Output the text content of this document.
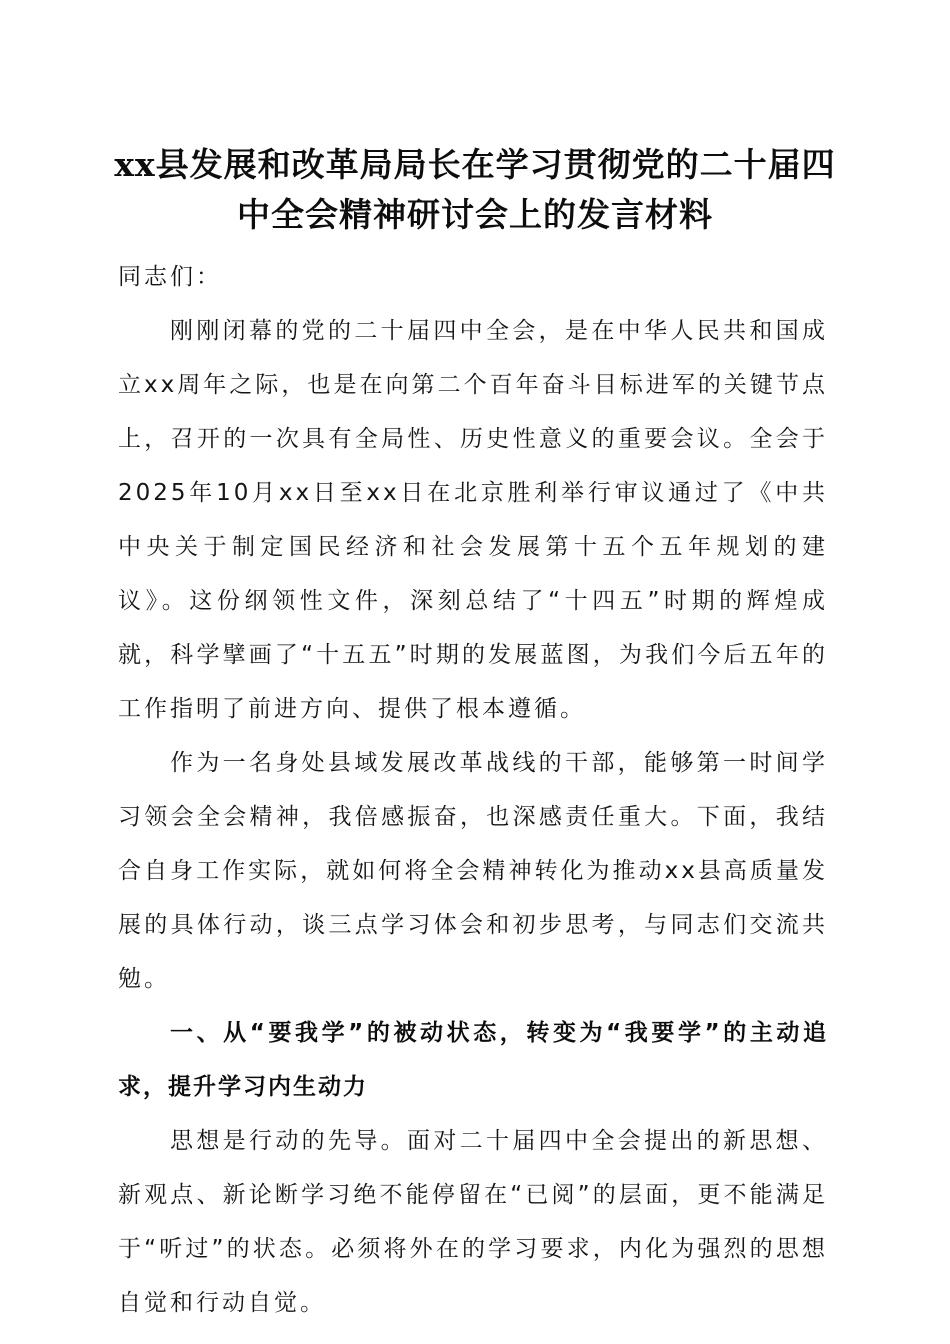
xx县发展和改革局局长在学习贯彻党的二十届四中全会精神研讨会上的发言材料

同志们：

刚刚闭幕的党的二十届四中全会，是在中华人民共和国成立xx周年之际，也是在向第二个百年奋斗目标进军的关键节点上，召开的一次具有全局性、历史性意义的重要会议。全会于2025年10月xx日至xx日在北京胜利举行审议通过了《中共中央关于制定国民经济和社会发展第十五个五年规划的建议》。这份纲领性文件，深刻总结了“十四五”时期的辉煌成就，科学擘画了“十五五”时期的发展蓝图，为我们今后五年的工作指明了前进方向、提供了根本遵循。

作为一名身处县域发展改革战线的干部，能够第一时间学习领会全会精神，我倍感振奋，也深感责任重大。下面，我结合自身工作实际，就如何将全会精神转化为推动xx县高质量发展的具体行动，谈三点学习体会和初步思考，与同志们交流共勉。

一、从“要我学”的被动状态，转变为“我要学”的主动追求，提升学习内生动力

思想是行动的先导。面对二十届四中全会提出的新思想、新观点、新论断学习绝不能停留在“已阅”的层面，更不能满足于“听过”的状态。必须将外在的学习要求，内化为强烈的思想自觉和行动自觉。
